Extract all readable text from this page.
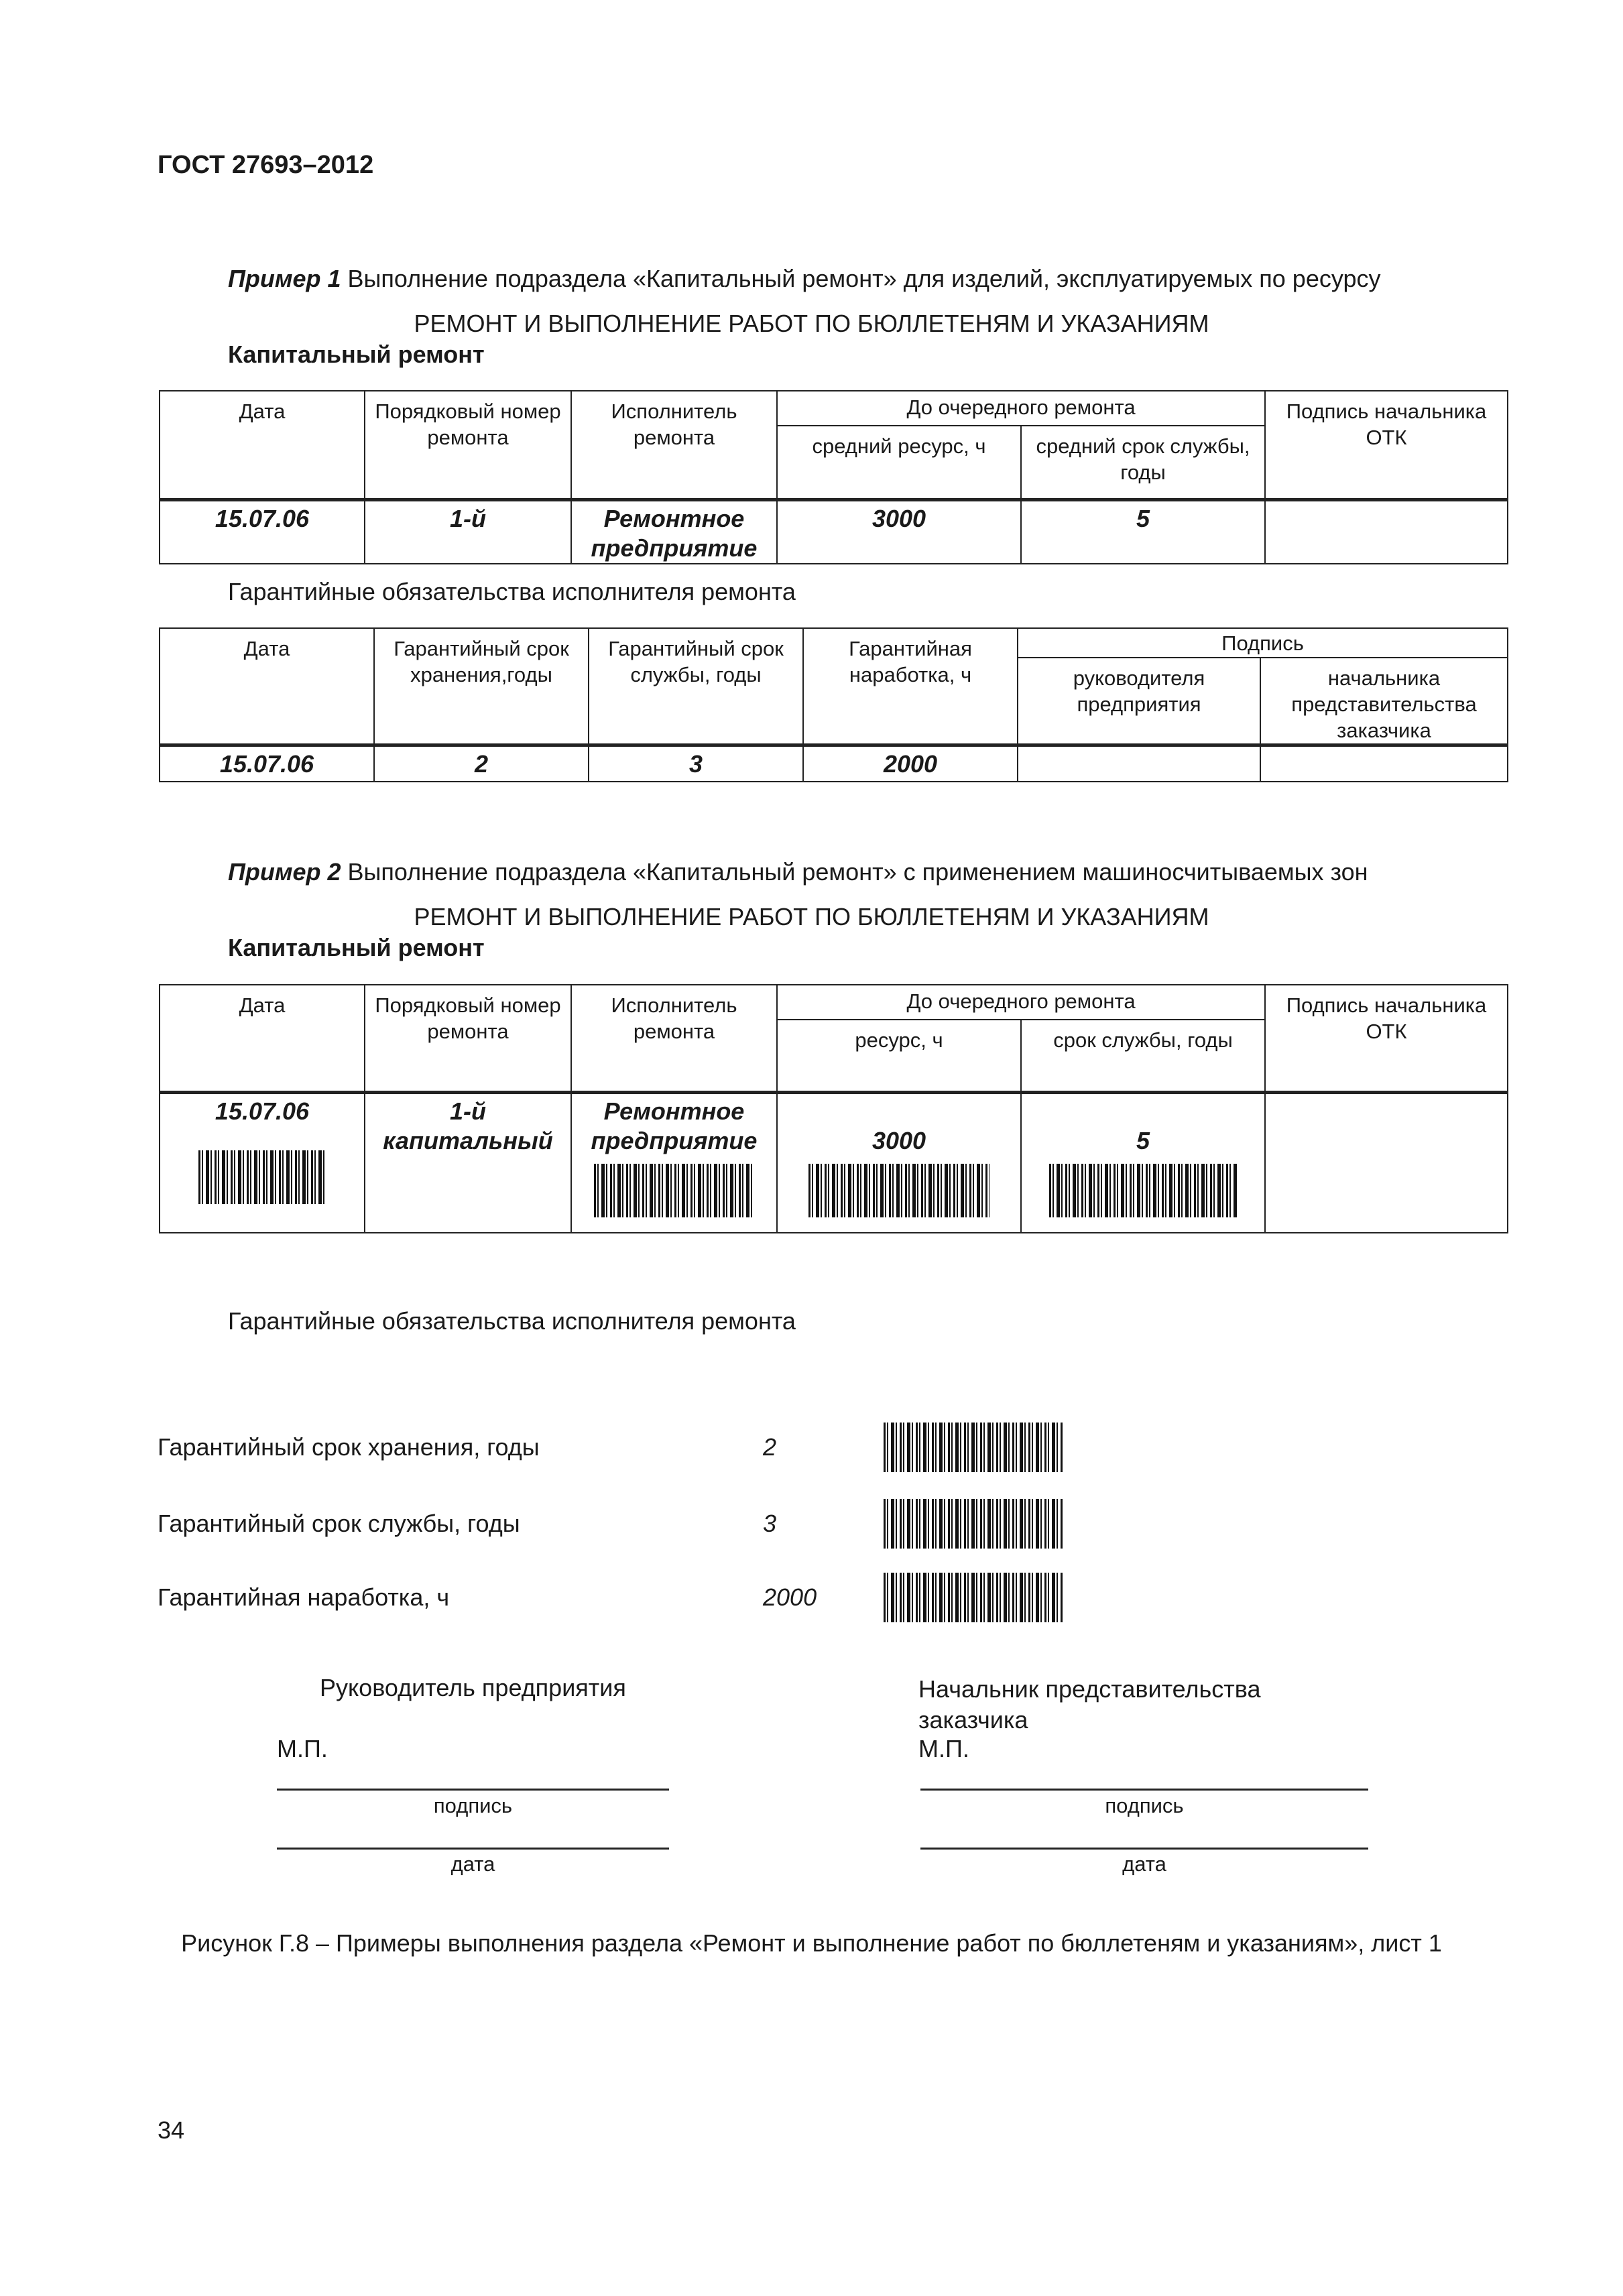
ГОСТ 27693–2012
Пример 1 Выполнение подраздела «Капитальный ремонт» для изделий, эксплуатируемых по ресурсу
РЕМОНТ И ВЫПОЛНЕНИЕ РАБОТ ПО БЮЛЛЕТЕНЯМ И УКАЗАНИЯМ
Капитальный ремонт
Дата	Порядковый номер ремонта	Исполнитель ремонта	До очередного ремонта		Подпись начальника ОТК
			средний ресурс, ч	средний срок службы, годы	
15.07.06	1-й	Ремонтное предприятие	3000	5	
Гарантийные обязательства исполнителя ремонта
Дата	Гарантийный срок хранения,годы	Гарантийный срок службы, годы	Гарантийная наработка, ч	Подпись	
				руководителя предприятия	начальника представительства заказчика
15.07.06	2	3	2000		
Пример 2 Выполнение подраздела «Капитальный ремонт» с применением машиносчитываемых зон
РЕМОНТ И ВЫПОЛНЕНИЕ РАБОТ ПО БЮЛЛЕТЕНЯМ И УКАЗАНИЯМ
Капитальный ремонт
Дата	Порядковый номер ремонта	Исполнитель ремонта	До очередного ремонта		Подпись начальника ОТК
			ресурс, ч	срок службы, годы	

15.07.06	1-й капитальный	Ремонтное предприятие	3000	5	

Гарантийные обязательства исполнителя ремонта
Гарантийный срок хранения, годы	2
Гарантийный срок службы, годы	3
Гарантийная наработка, ч	2000
Руководитель предприятия
М.П.
подпись
дата
Начальник представительства заказчика
М.П.
подпись
дата
Рисунок Г.8 – Примеры выполнения раздела «Ремонт и выполнение работ по бюллетеням и указаниям», лист 1
34
